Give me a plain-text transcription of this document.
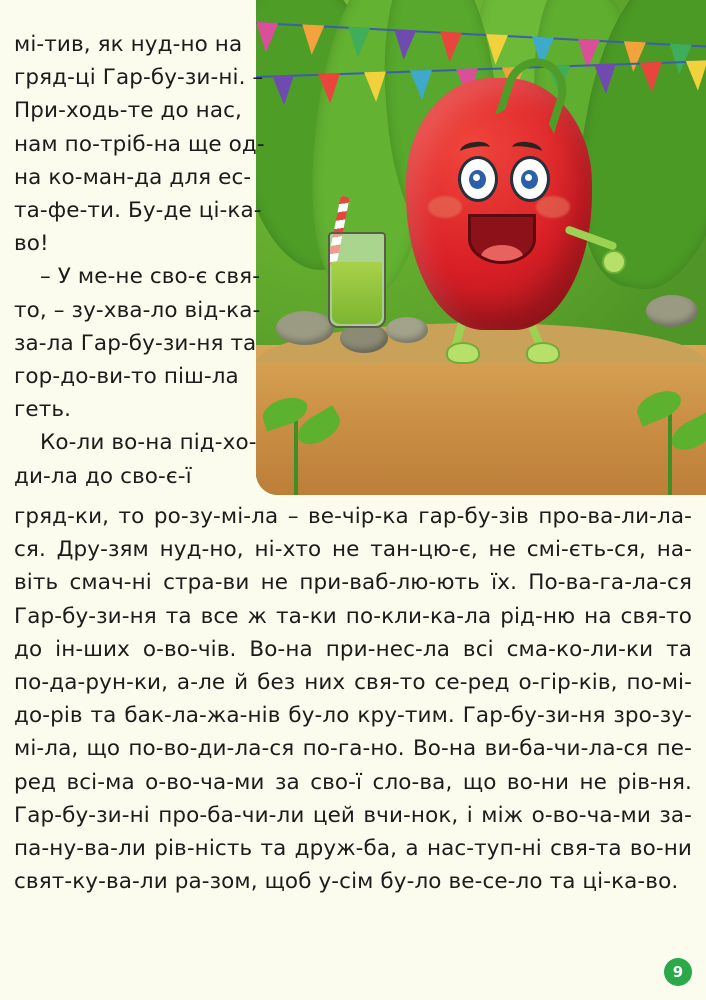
мі-тив, як нуд-но на гряд-ці Гар-бу-зи-ні. – При-ходь-те до нас, нам по-тріб-на ще од-на ко-ман-да для ес-та-фе-ти. Бу-де ці-ка-во!

– У ме-не сво-є свя-то, – зу-хва-ло від-ка-за-ла Гар-бу-зи-ня та гор-до-ви-то піш-ла геть.

Ко-ли во-на під-хо-ди-ла до сво-є-ї

гряд-ки, то ро-зу-мі-ла – ве-чір-ка гар-бу-зів про-ва-ли-ла-ся. Дру-зям нуд-но, ні-хто не тан-цю-є, не смі-єть-ся, на-віть смач-ні стра-ви не при-ваб-лю-ють їх. По-ва-га-ла-ся Гар-бу-зи-ня та все ж та-ки по-кли-ка-ла рід-ню на свя-то до ін-ших о-во-чів. Во-на при-нес-ла всі сма-ко-ли-ки та по-да-рун-ки, а-ле й без них свя-то се-ред о-гір-ків, по-мі-до-рів та бак-ла-жа-нів бу-ло кру-тим. Гар-бу-зи-ня зро-зу-мі-ла, що по-во-ди-ла-ся по-га-но. Во-на ви-ба-чи-ла-ся пе-ред всі-ма о-во-ча-ми за сво-ї сло-ва, що во-ни не рів-ня. Гар-бу-зи-ні про-ба-чи-ли цей вчи-нок, і між о-во-ча-ми за-па-ну-ва-ли рів-ність та друж-ба, а нас-туп-ні свя-та во-ни свят-ку-ва-ли ра-зом, щоб у-сім бу-ло ве-се-ло та ці-ка-во.

9
